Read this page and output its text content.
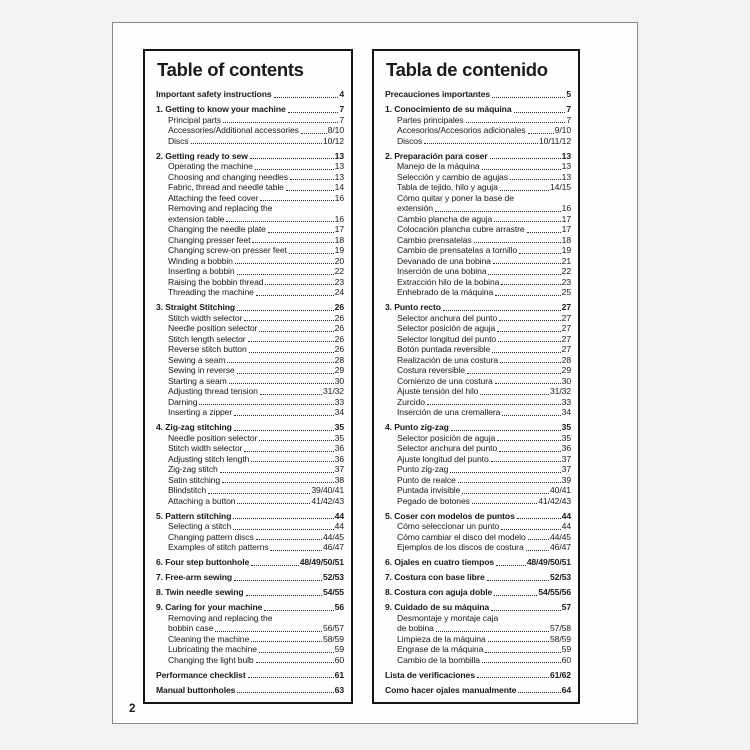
Table of contents
Important safety instructions	4
1. Getting to know your machine	7
Principal parts	7
Accessories/Additional accessories	8/10
Discs	10/12
2. Getting ready to sew	13
Operating the machine	13
Choosing and changing needles	13
Fabric, thread and needle table	14
Attaching the feed cover	16
Removing and replacing the
extension table	16
Changing the needle plate	17
Changing presser feet	18
Changing screw-on presser feet	19
Winding a bobbin	20
Inserting a bobbin	22
Raising the bobbin thread	23
Threading the machine	24
3. Straight Stitching	26
Stitch width selector	26
Needle position selector	26
Stitch length selector	26
Reverse stitch button	26
Sewing a seam	28
Sewing in reverse	29
Starting a seam	30
Adjusting thread tension	31/32
Darning	33
Inserting a zipper	34
4. Zig-zag stitching	35
Needle position selector	35
Stitch width selector	36
Adjusting stitch length	36
Zig-zag stitch	37
Satin stitching	38
Blindstitch	39/40/41
Attaching a button	41/42/43
5. Pattern stitching	44
Selecting a stitch	44
Changing pattern discs	44/45
Examples of stitch patterns	46/47
6. Four step buttonhole	48/49/50/51
7. Free-arm sewing	52/53
8. Twin needle sewing	54/55
9. Caring for your machine	56
Removing and replacing the
bobbin case	56/57
Cleaning the machine	58/59
Lubricating the machine	59
Changing the light bulb	60
Performance checklist	61
Manual buttonholes	63
Tabla de contenido
Precauciones importantes	5
1. Conocimiento de su máquina	7
Partes principales	7
Accesorios/Accesorios adicionales	9/10
Discos	10/11/12
2. Preparación para coser	13
Manejo de la máquina	13
Selección y cambio de agujas	13
Tabla de tejido, hilo y aguja	14/15
Cómo quitar y poner la base de
extensión	16
Cambio plancha de aguja	17
Colocación plancha cubre arrastre	17
Cambio prensatelas	18
Cambio de prensatelas a tornillo	19
Devanado de una bobina	21
Inserción de una bobina	22
Extracción hilo de la bobina	23
Enhebrado de la máquina	25
3. Punto recto	27
Selector anchura del punto	27
Selector posición de aguja	27
Selector longitud del punto	27
Botón puntada reversible	27
Realización de una costura	28
Costura reversible	29
Comienzo de una costura	30
Ajuste tensión del hilo	31/32
Zurcido	33
Inserción de una cremallera	34
4. Punto zig-zag	35
Selector posición de aguja	35
Selector anchura del punto	36
Ajuste longitud del punto	37
Punto zig-zag	37
Punto de realce	39
Puntada invisible	40/41
Pegado de botones	41/42/43
5. Coser con modelos de puntos	44
Cómo seleccionar un punto	44
Cómo cambiar el disco del modelo	44/45
Ejemplos de los discos de costura	46/47
6. Ojales en cuatro tiempos	48/49/50/51
7. Costura con base libre	52/53
8. Costura con aguja doble	54/55/56
9. Cuidado de su máquina	57
Desmontaje y montaje caja
de bobina	57/58
Limpieza de la máquina	58/59
Engrase de la máquina	59
Cambio de la bombilla	60
Lista de verificaciones	61/62
Como hacer ojales manualmente	64
2
